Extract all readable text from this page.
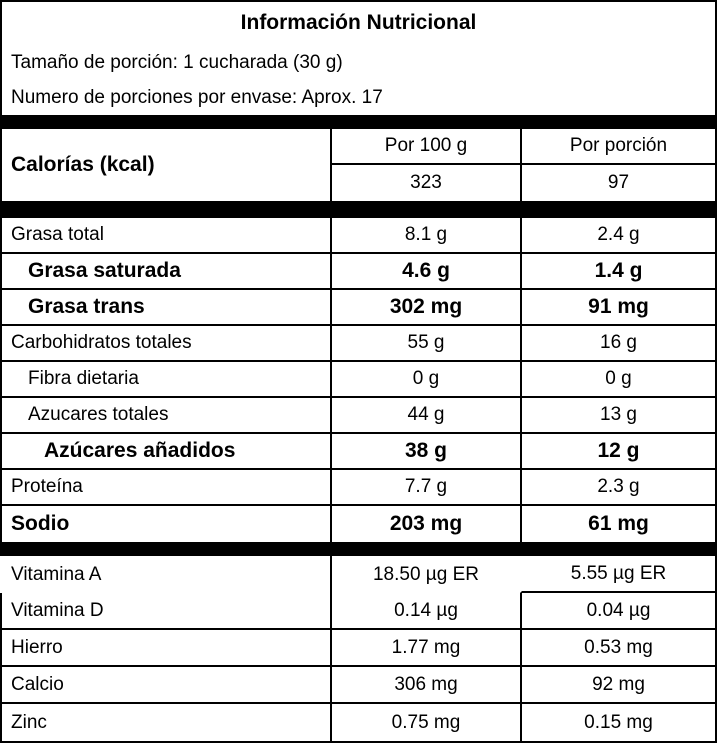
Información Nutricional
Tamaño de porción: 1 cucharada (30 g)
Numero de porciones por envase: Aprox. 17
Calorías (kcal)
Por 100 g	Por porción
323	97
Grasa total	8.1 g	2.4 g
Grasa saturada	4.6 g	1.4 g
Grasa trans	302 mg	91 mg
Carbohidratos totales	55 g	16 g
Fibra dietaria	0 g	0 g
Azucares totales	44 g	13 g
Azúcares añadidos	38 g	12 g
Proteína	7.7 g	2.3 g
Sodio	203 mg	61 mg
Vitamina A	18.50 µg ER	5.55 µg ER
Vitamina D	0.14 µg	0.04 µg
Hierro	1.77 mg	0.53 mg
Calcio	306 mg	92 mg
Zinc	0.75 mg	0.15 mg
